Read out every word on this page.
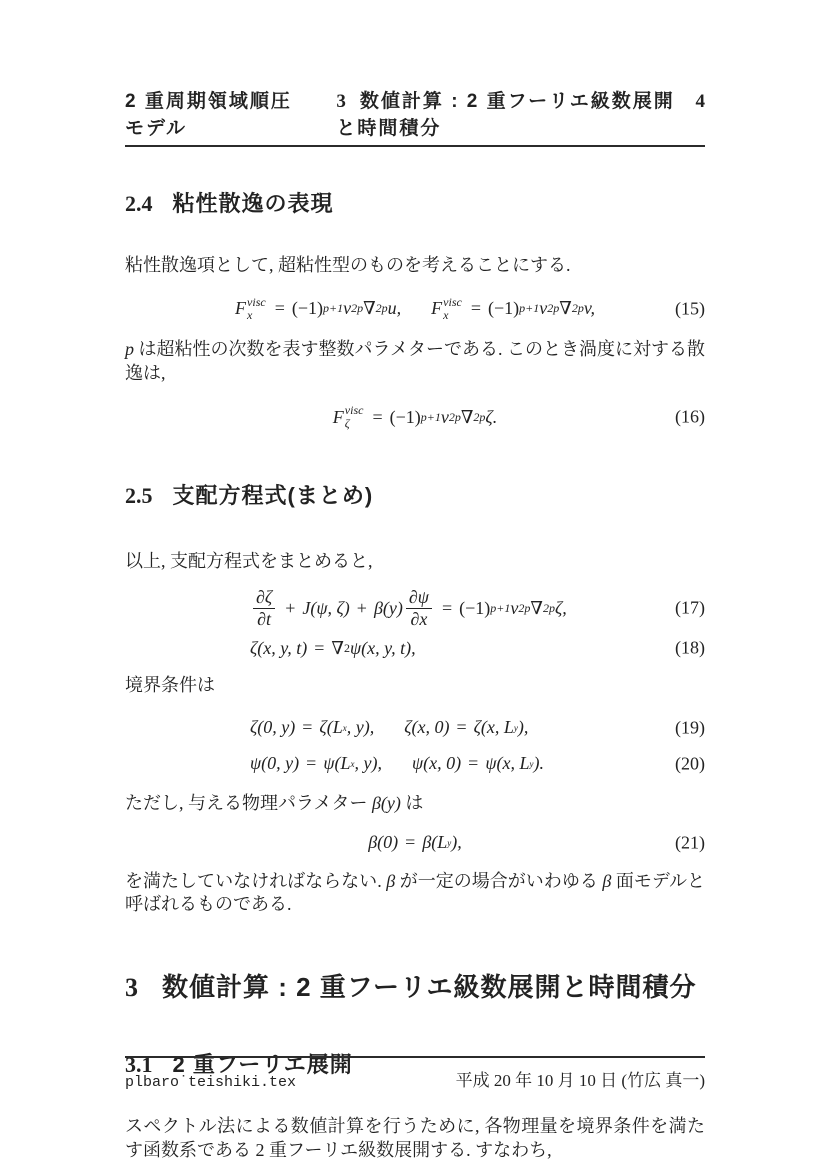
2 重周期領域順圧モデル
3 数値計算 : 2 重フーリエ級数展開と時間積分
4
2.4 粘性散逸の表現

粘性散逸項として, 超粘性型のものを考えることにする.

F visc
x = (−1) p+1 ν 2p ∇ 2p u, F visc
x = (−1) p+1 ν 2p ∇ 2p v,	(15)

p は超粘性の次数を表す整数パラメターである. このとき渦度に対する散逸は,

F visc
ζ = (−1) p+1 ν 2p ∇ 2p ζ.	(16)
2.5 支配方程式(まとめ)

以上, 支配方程式をまとめると,

$\frac{\partial\zeta}{\partial t} + J(\psi$, $\zeta) + \beta(y) \frac{\partial\psi}{\partial x} = (-1)$ p+1 ν 2p ∇ 2p ζ,	(17)
ζ(x, y, t) = ∇ 2 ψ(x, y, t),	(18)

境界条件は

ζ(0, y) = ζ(L x , y), ζ(x, 0) = ζ(x, L y ),	(19)
ψ(0, y) = ψ(L x , y), ψ(x, 0) = ψ(x, L y ).	(20)

ただし, 与える物理パラメター β(y) は

β(0) = β(L y ),	(21)

を満たしていなければならない. β が一定の場合がいわゆる β 面モデルと呼ばれるものである.

3 数値計算 : 2 重フーリエ級数展開と時間積分
3.1 2 重フーリエ展開

スペクトル法による数値計算を行うために, 各物理量を境界条件を満たす函数系である 2 重フーリエ級数展開する. すなわち,

plbaro˙teishiki.tex	平成 20 年 10 月 10 日 (竹広 真一)
